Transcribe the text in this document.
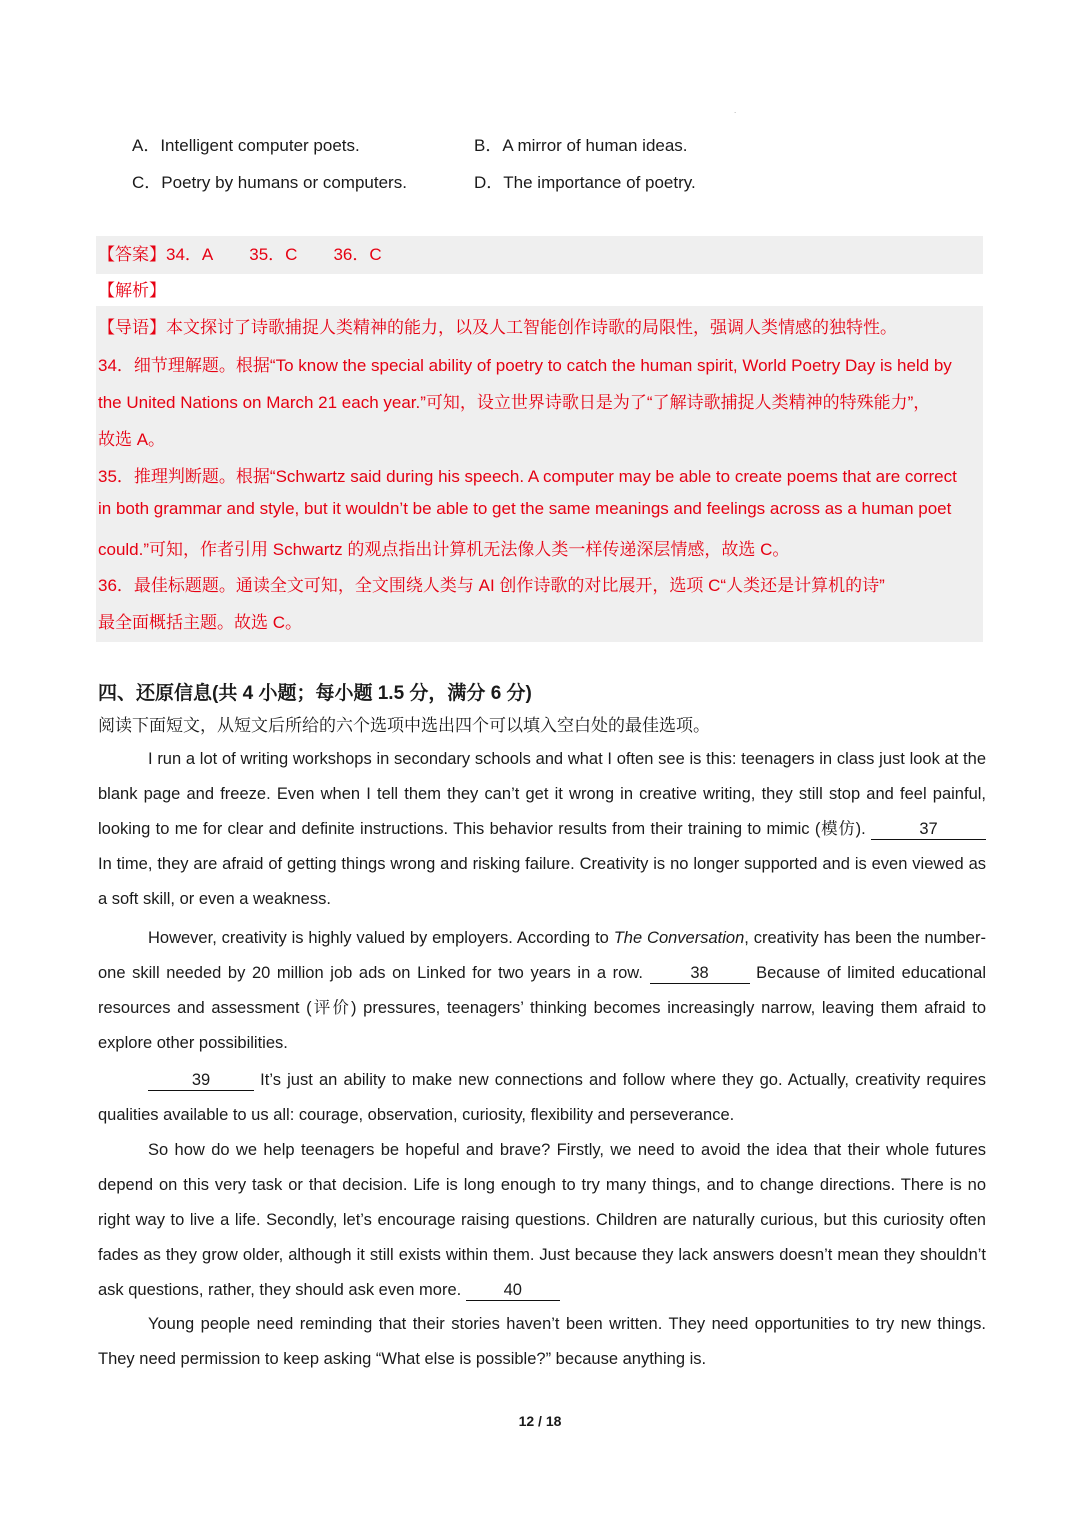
.
A．Intelligent computer poets.	B．A mirror of human ideas.
C．Poetry by humans or computers.	D．The importance of poetry.
【答案】34．A 35．C 36．C
【解析】
【导语】本文探讨了诗歌捕捉人类精神的能力，以及人工智能创作诗歌的局限性，强调人类情感的独特性。
34．细节理解题。根据“To know the special ability of poetry to catch the human spirit, World Poetry Day is held by
the United Nations on March 21 each year.”可知，设立世界诗歌日是为了“了解诗歌捕捉人类精神的特殊能力”，
故选 A。
35．推理判断题。根据“Schwartz said during his speech. A computer may be able to create poems that are correct
in both grammar and style, but it wouldn’t be able to get the same meanings and feelings across as a human poet
could.”可知，作者引用 Schwartz 的观点指出计算机无法像人类一样传递深层情感，故选 C。
36．最佳标题题。通读全文可知，全文围绕人类与 AI 创作诗歌的对比展开，选项 C“人类还是计算机的诗”
最全面概括主题。故选 C。
四、还原信息(共 4 小题；每小题 1.5 分，满分 6 分)
阅读下面短文，从短文后所给的六个选项中选出四个可以填入空白处的最佳选项。
I run a lot of writing workshops in secondary schools and what I often see is this: teenagers in class just look at the blank page and freeze. Even when I tell them they can’t get it wrong in creative writing, they still stop and feel painful, looking to me for clear and definite instructions. This behavior results from their training to mimic (模仿).	37 In time, they are afraid of getting things wrong and risking failure. Creativity is no longer supported and is even viewed as a soft skill, or even a weakness.
However, creativity is highly valued by employers. According to The Conversation, creativity has been the number-one skill needed by 20 million job ads on Linked for two years in a row. 38 Because of limited educational resources and assessment (评价) pressures, teenagers’ thinking becomes increasingly narrow, leaving them afraid to explore other possibilities.
39	It’s just an ability to make new connections and follow where they go. Actually, creativity requires qualities available to us all: courage, observation, curiosity, flexibility and perseverance.
So how do we help teenagers be hopeful and brave? Firstly, we need to avoid the idea that their whole futures depend on this very task or that decision. Life is long enough to try many things, and to change directions. There is no right way to live a life. Secondly, let’s encourage raising questions. Children are naturally curious, but this curiosity often fades as they grow older, although it still exists within them. Just because they lack answers doesn’t mean they shouldn’t ask questions, rather, they should ask even more. 40
Young people need reminding that their stories haven’t been written. They need opportunities to try new things. They need permission to keep asking “What else is possible?” because anything is.
12 / 18
